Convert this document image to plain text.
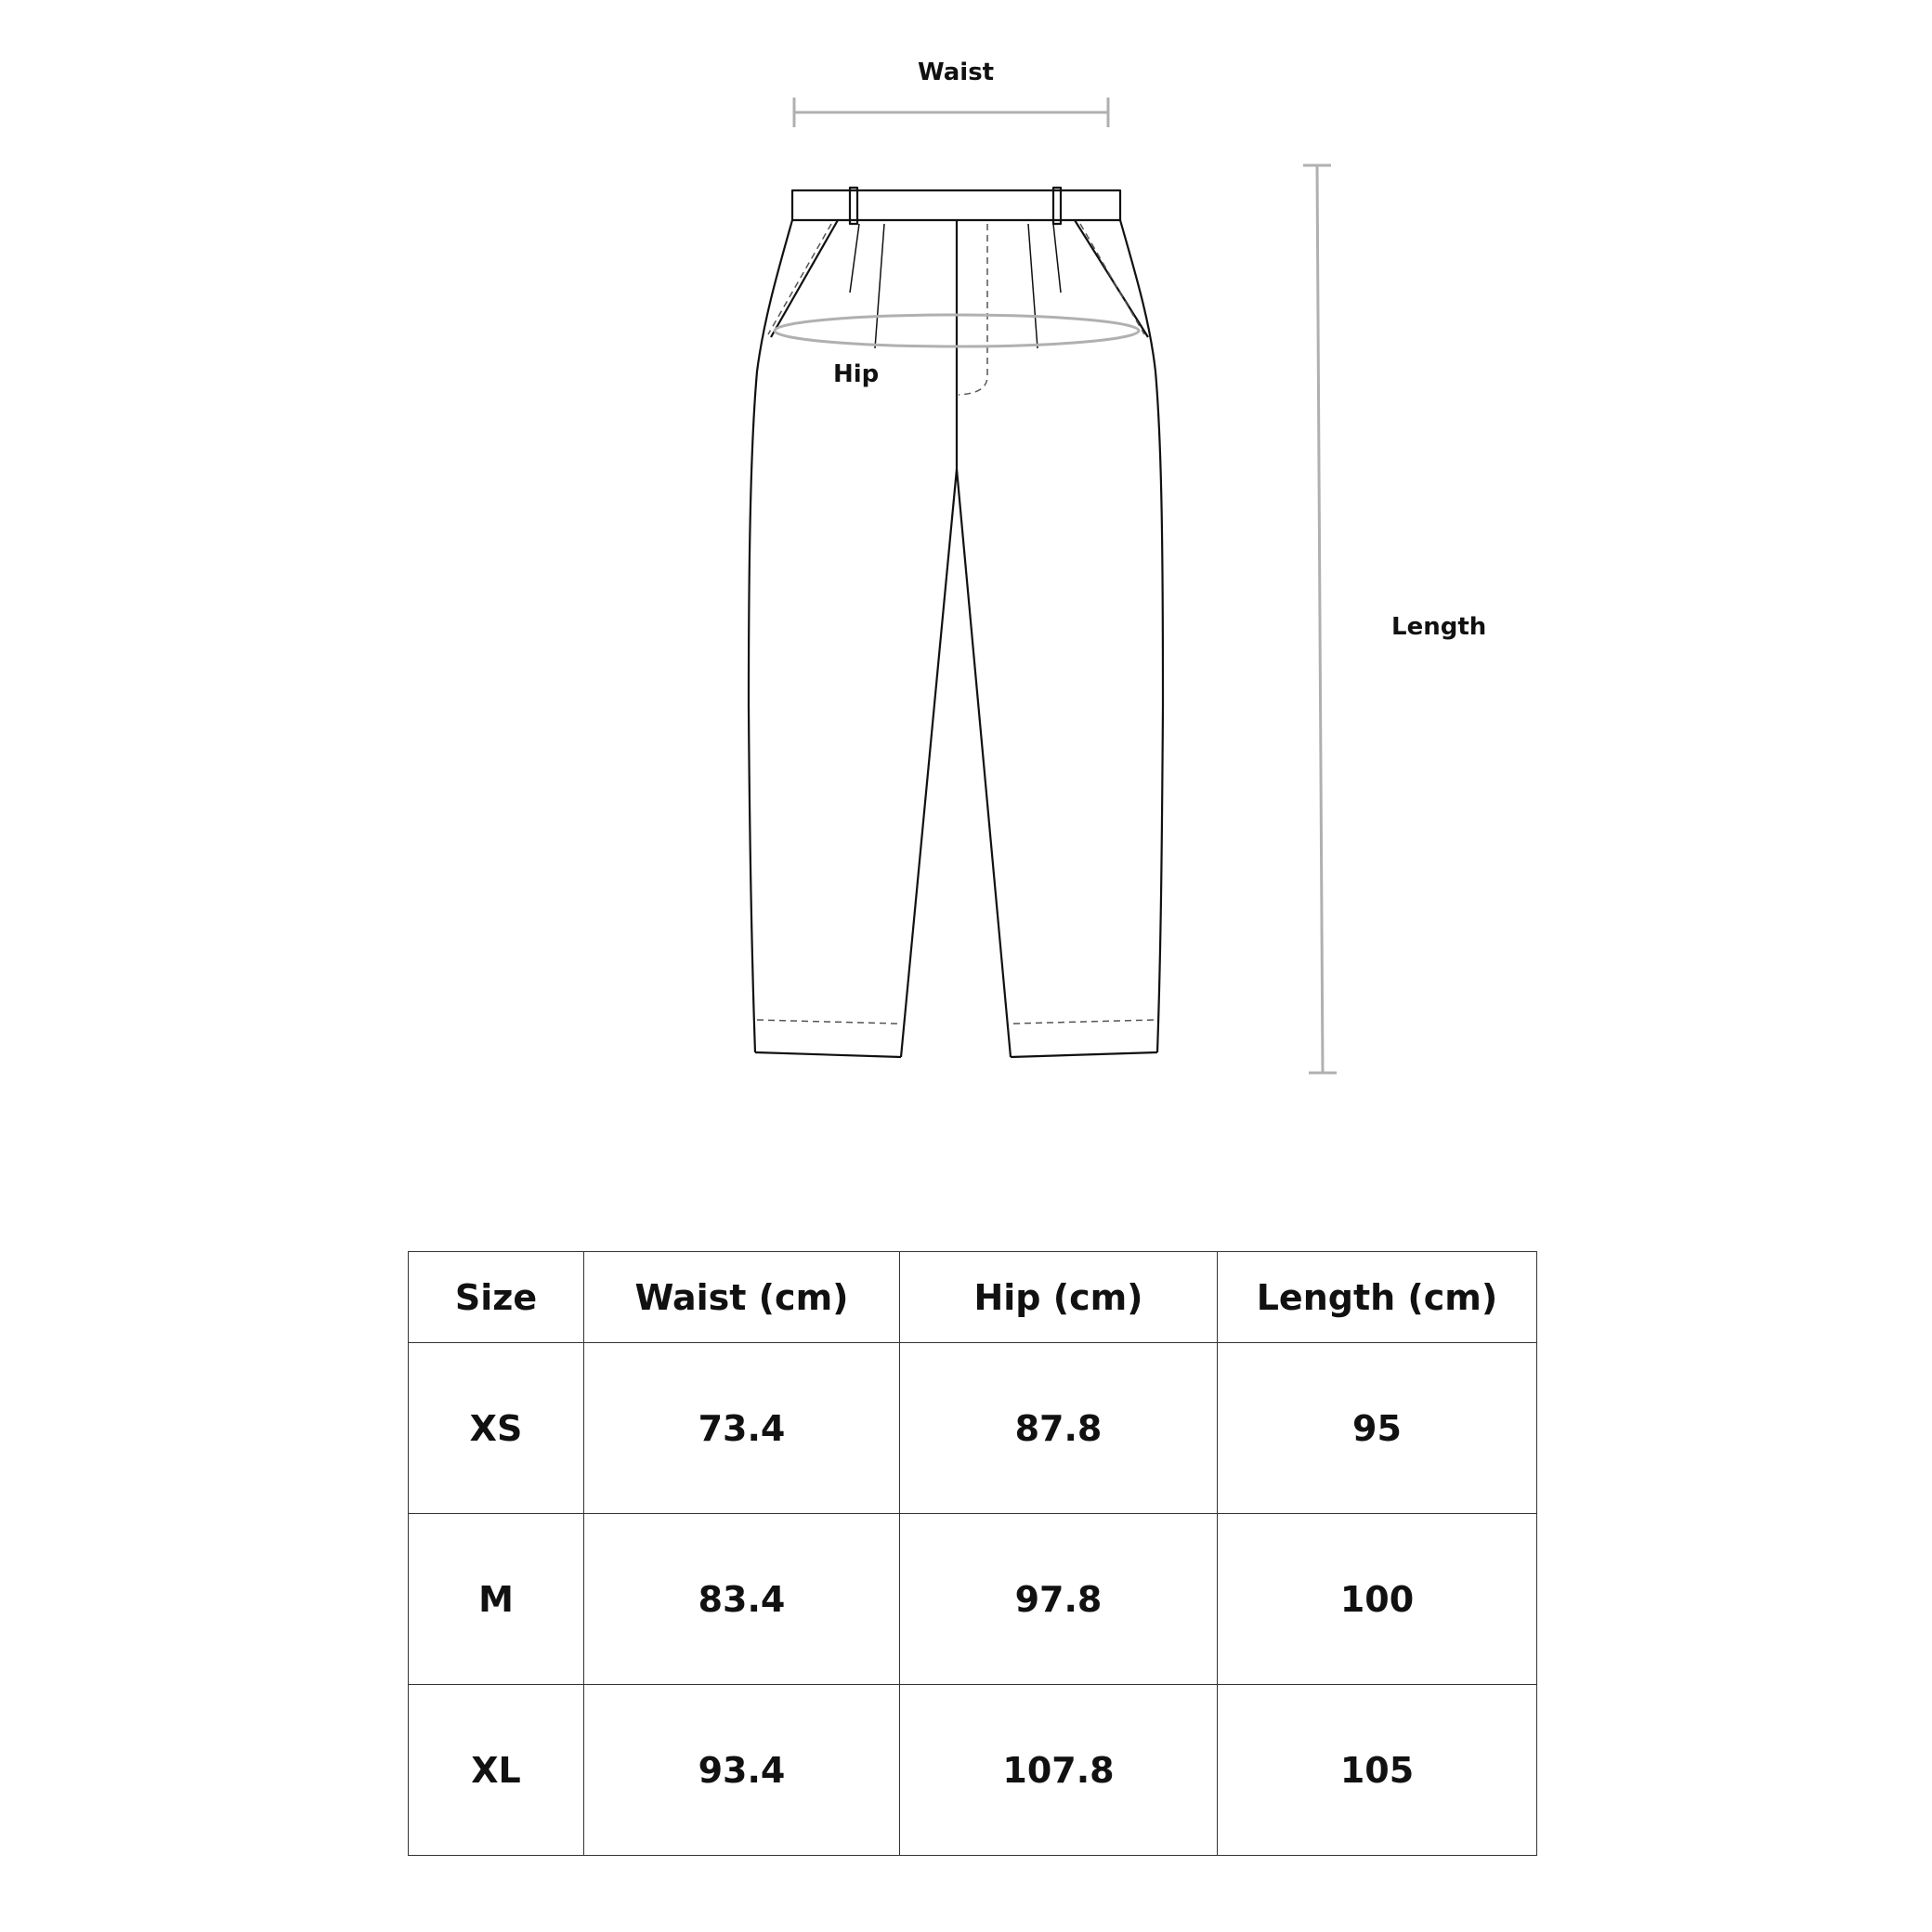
Waist
Hip
Length
Size	Waist (cm)	Hip (cm)	Length (cm)
XS	73.4	87.8	95
M	83.4	97.8	100
XL	93.4	107.8	105
